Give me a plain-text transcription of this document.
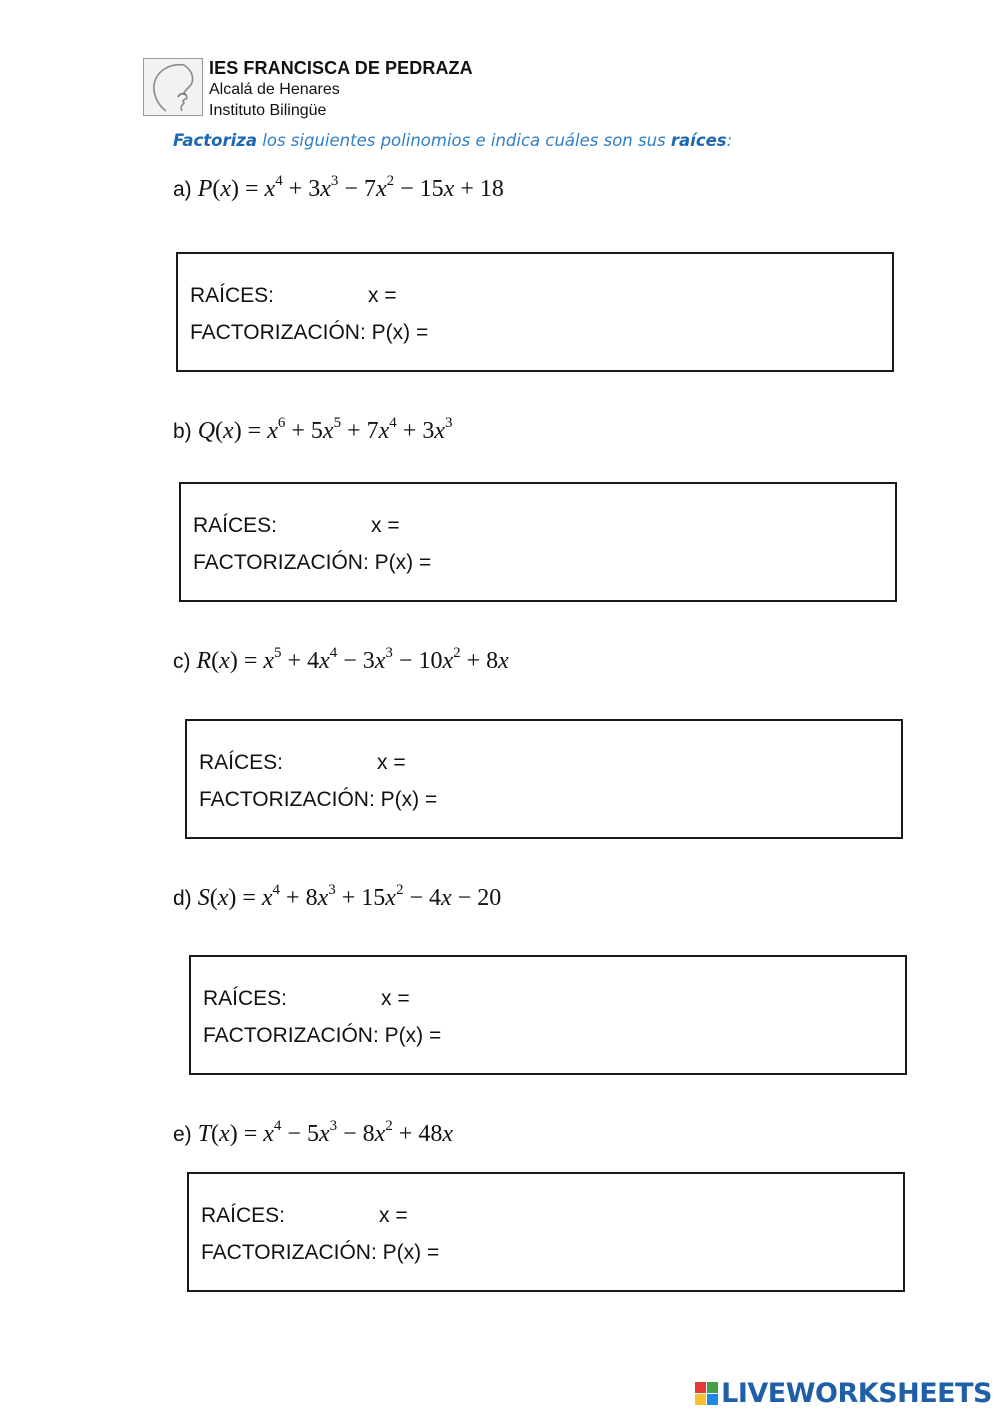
IES FRANCISCA DE PEDRAZA
Alcalá de Henares
Instituto Bilingüe
Factoriza los siguientes polinomios e indica cuáles son sus raíces:
a) $P(x) = x^4 + 3x^3 - 7x^2 - 15x + 18$
RAÍCES:	x =
FACTORIZACIÓN: P(x) =
b) $Q(x) = x^6 + 5x^5 + 7x^4 + 3x^3$
RAÍCES:	x =
FACTORIZACIÓN: P(x) =
c) $R(x) = x^5 + 4x^4 - 3x^3 - 10x^2 + 8x$
RAÍCES:	x =
FACTORIZACIÓN: P(x) =
d) $S(x) = x^4 + 8x^3 + 15x^2 - 4x - 20$
RAÍCES:	x =
FACTORIZACIÓN: P(x) =
e) $T(x) = x^4 - 5x^3 - 8x^2 + 48x$
RAÍCES:	x =
FACTORIZACIÓN: P(x) =
LIVEWORKSHEETS
